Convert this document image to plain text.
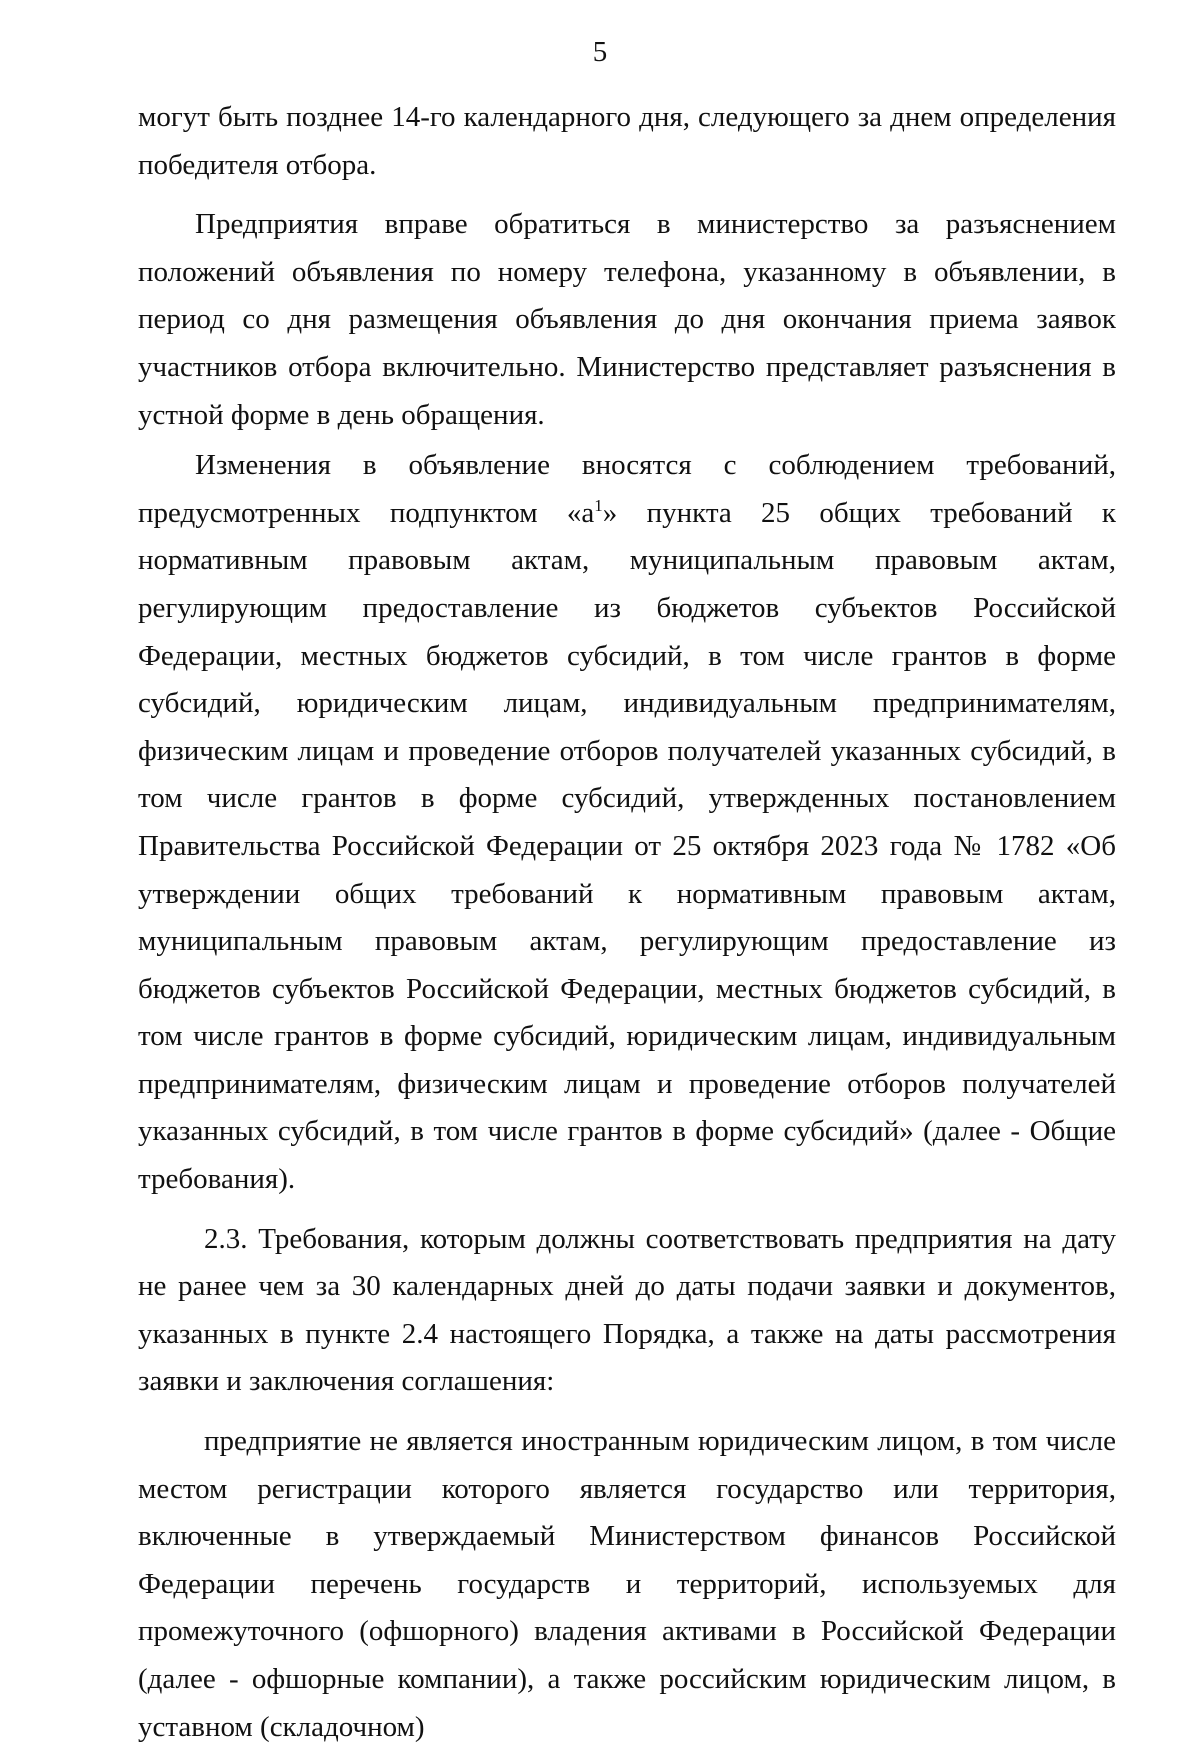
5

могут быть позднее 14-го календарного дня, следующего за днем определения победителя отбора.

Предприятия вправе обратиться в министерство за разъяснением положений объявления по номеру телефона, указанному в объявлении, в период со дня размещения объявления до дня окончания приема заявок участников отбора включительно. Министерство представляет разъяснения в устной форме в день обращения.

Изменения в объявление вносятся с соблюдением требований, предусмотренных подпунктом «$а^1$» пункта 25 общих требований к нормативным правовым актам, муниципальным правовым актам, регулирующим предоставление из бюджетов субъектов Российской Федерации, местных бюджетов субсидий, в том числе грантов в форме субсидий, юридическим лицам, индивидуальным предпринимателям, физическим лицам и проведение отборов получателей указанных субсидий, в том числе грантов в форме субсидий, утвержденных постановлением Правительства Российской Федерации от 25 октября 2023 года № 1782 «Об утверждении общих требований к нормативным правовым актам, муниципальным правовым актам, регулирующим предоставление из бюджетов субъектов Российской Федерации, местных бюджетов субсидий, в том числе грантов в форме субсидий, юридическим лицам, индивидуальным предпринимателям, физическим лицам и проведение отборов получателей указанных субсидий, в том числе грантов в форме субсидий» (далее - Общие требования).

2.3. Требования, которым должны соответствовать предприятия на дату не ранее чем за 30 календарных дней до даты подачи заявки и документов, указанных в пункте 2.4 настоящего Порядка, а также на даты рассмотрения заявки и заключения соглашения:

предприятие не является иностранным юридическим лицом, в том числе местом регистрации которого является государство или территория, включенные в утверждаемый Министерством финансов Российской Федерации перечень государств и территорий, используемых для промежуточного (офшорного) владения активами в Российской Федерации (далее - офшорные компании), а также российским юридическим лицом, в уставном (складочном)
